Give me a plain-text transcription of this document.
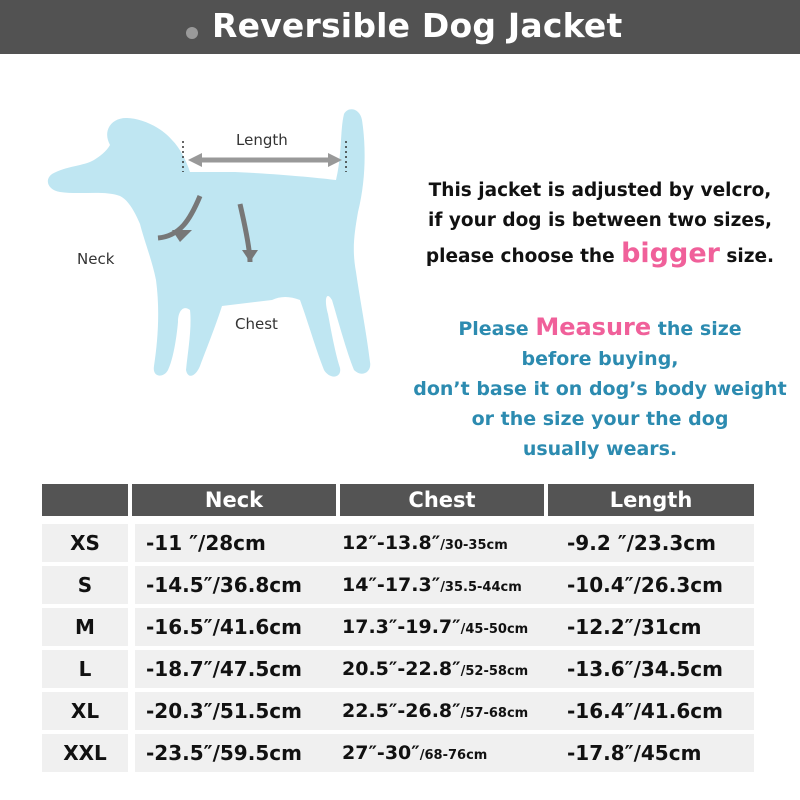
Reversible Dog Jacket
Length
Neck
Chest
This jacket is adjusted by velcro,
if your dog is between two sizes,
please choose the bigger size.
Please Measure the size
before buying,
don’t base it on dog’s body weight
or the size your the dog
usually wears.
Neck	Chest	Length
XS	-11 ″/28cm	12″-13.8″/30-35cm	-9.2 ″/23.3cm
S	-14.5″/36.8cm 14″-17.3″/35.5-44cm -10.4″/26.3cm
M	-16.5″/41.6cm 17.3″-19.7″/45-50cm -12.2″/31cm
L	-18.7″/47.5cm 20.5″-22.8″/52-58cm -13.6″/34.5cm
XL	-20.3″/51.5cm 22.5″-26.8″/57-68cm -16.4″/41.6cm
XXL	-23.5″/59.5cm 27″-30″/68-76cm	-17.8″/45cm
